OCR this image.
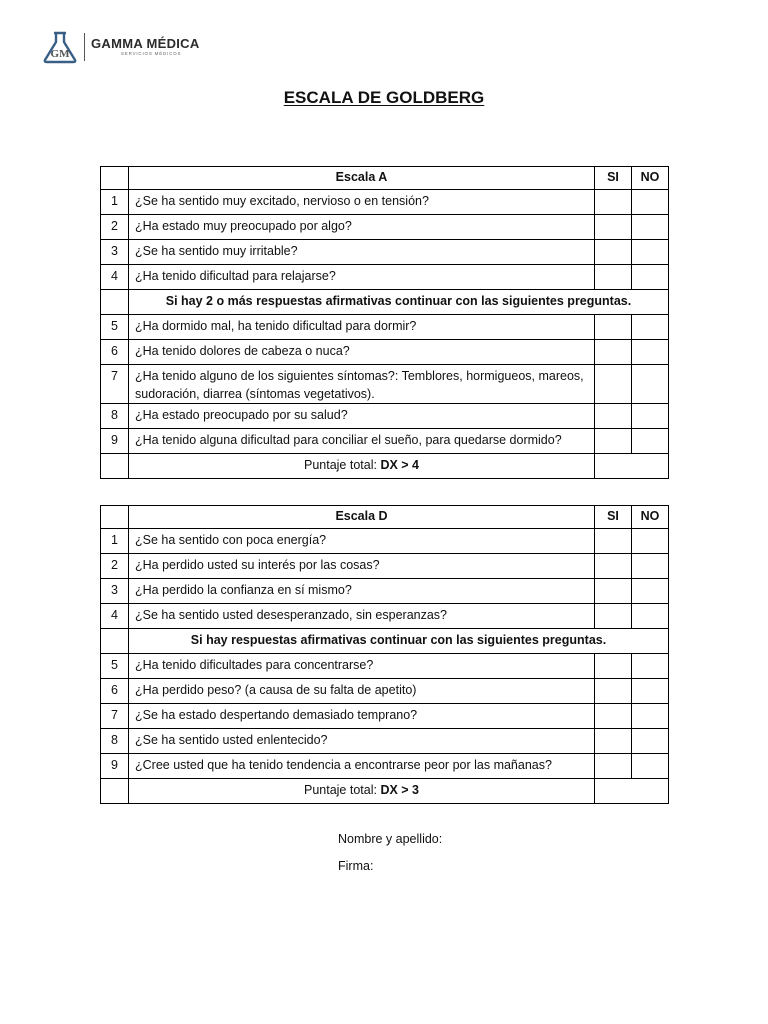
GM
GAMMA MÉDICA
SERVICIOS MÉDICOS
ESCALA DE GOLDBERG
	Escala A	SI	NO
1	¿Se ha sentido muy excitado, nervioso o en tensión?		
2	¿Ha estado muy preocupado por algo?		
3	¿Se ha sentido muy irritable?		
4	¿Ha tenido dificultad para relajarse?		
	Si hay 2 o más respuestas afirmativas continuar con las siguientes preguntas.		
5	¿Ha dormido mal, ha tenido dificultad para dormir?		
6	¿Ha tenido dolores de cabeza o nuca?		
7	¿Ha tenido alguno de los siguientes síntomas?: Temblores, hormigueos, mareos, sudoración, diarrea (síntomas vegetativos).		
8	¿Ha estado preocupado por su salud?		
9	¿Ha tenido alguna dificultad para conciliar el sueño, para quedarse dormido?		
	Puntaje total: DX > 4		
	Escala D	SI	NO
1	¿Se ha sentido con poca energía?		
2	¿Ha perdido usted su interés por las cosas?		
3	¿Ha perdido la confianza en sí mismo?		
4	¿Se ha sentido usted desesperanzado, sin esperanzas?		
	Si hay respuestas afirmativas continuar con las siguientes preguntas.		
5	¿Ha tenido dificultades para concentrarse?		
6	¿Ha perdido peso? (a causa de su falta de apetito)		
7	¿Se ha estado despertando demasiado temprano?		
8	¿Se ha sentido usted enlentecido?		
9	¿Cree usted que ha tenido tendencia a encontrarse peor por las mañanas?		
	Puntaje total: DX > 3		
Nombre y apellido:
Firma:
